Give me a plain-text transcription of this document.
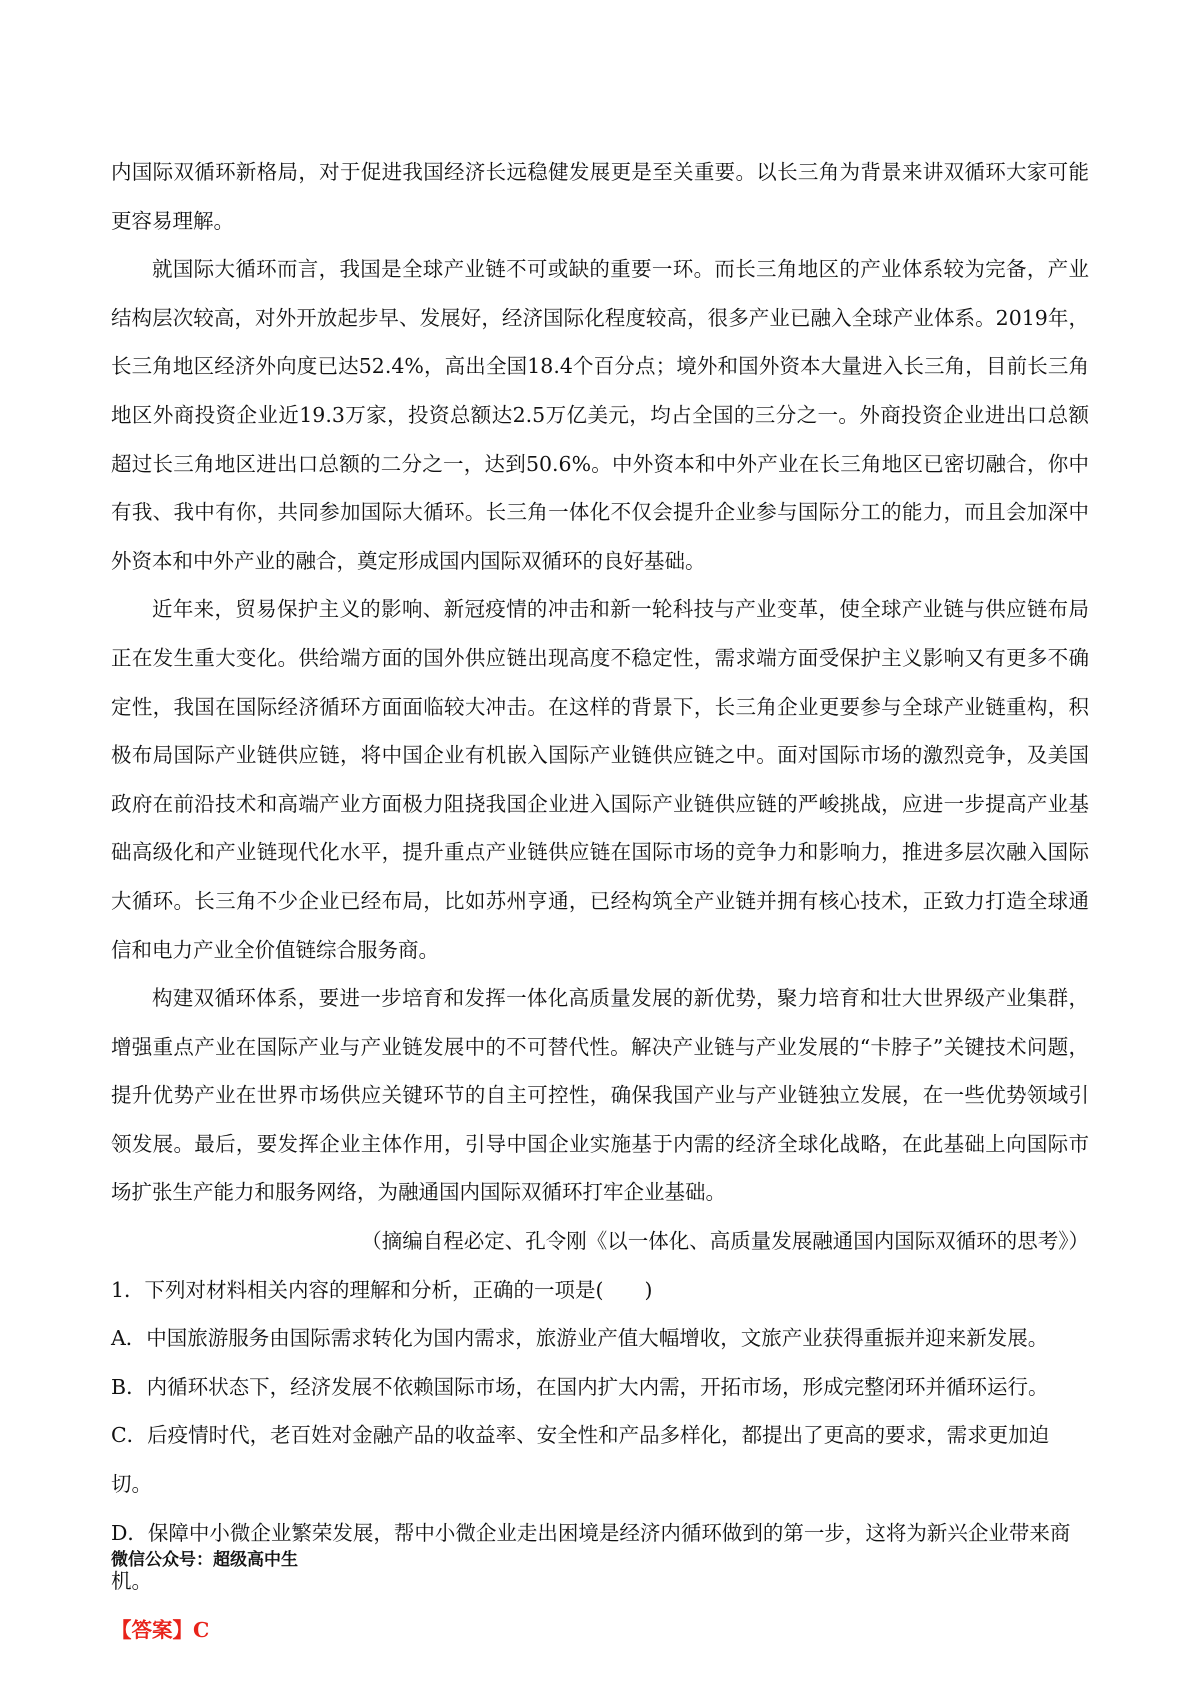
内国际双循环新格局，对于促进我国经济长远稳健发展更是至关重要。以长三角为背景来讲双循环大家可能更容易理解。

就国际大循环而言，我国是全球产业链不可或缺的重要一环。而长三角地区的产业体系较为完备，产业结构层次较高，对外开放起步早、发展好，经济国际化程度较高，很多产业已融入全球产业体系。2019年，长三角地区经济外向度已达52.4%，高出全国18.4个百分点；境外和国外资本大量进入长三角，目前长三角地区外商投资企业近19.3万家，投资总额达2.5万亿美元，均占全国的三分之一。外商投资企业进出口总额超过长三角地区进出口总额的二分之一，达到50.6%。中外资本和中外产业在长三角地区已密切融合，你中有我、我中有你，共同参加国际大循环。长三角一体化不仅会提升企业参与国际分工的能力，而且会加深中外资本和中外产业的融合，奠定形成国内国际双循环的良好基础。

近年来，贸易保护主义的影响、新冠疫情的冲击和新一轮科技与产业变革，使全球产业链与供应链布局正在发生重大变化。供给端方面的国外供应链出现高度不稳定性，需求端方面受保护主义影响又有更多不确定性，我国在国际经济循环方面面临较大冲击。在这样的背景下，长三角企业更要参与全球产业链重构，积极布局国际产业链供应链，将中国企业有机嵌入国际产业链供应链之中。面对国际市场的激烈竞争，及美国政府在前沿技术和高端产业方面极力阻挠我国企业进入国际产业链供应链的严峻挑战，应进一步提高产业基础高级化和产业链现代化水平，提升重点产业链供应链在国际市场的竞争力和影响力，推进多层次融入国际大循环。长三角不少企业已经布局，比如苏州亨通，已经构筑全产业链并拥有核心技术，正致力打造全球通信和电力产业全价值链综合服务商。

构建双循环体系，要进一步培育和发挥一体化高质量发展的新优势，聚力培育和壮大世界级产业集群，增强重点产业在国际产业与产业链发展中的不可替代性。解决产业链与产业发展的“卡脖子”关键技术问题，提升优势产业在世界市场供应关键环节的自主可控性，确保我国产业与产业链独立发展，在一些优势领域引领发展。最后，要发挥企业主体作用，引导中国企业实施基于内需的经济全球化战略，在此基础上向国际市场扩张生产能力和服务网络，为融通国内国际双循环打牢企业基础。

（摘编自程必定、孔令刚《以一体化、高质量发展融通国内国际双循环的思考》）

1．下列对材料相关内容的理解和分析，正确的一项是(　　)

A．中国旅游服务由国际需求转化为国内需求，旅游业产值大幅增收，文旅产业获得重振并迎来新发展。

B．内循环状态下，经济发展不依赖国际市场，在国内扩大内需，开拓市场，形成完整闭环并循环运行。

C．后疫情时代，老百姓对金融产品的收益率、安全性和产品多样化，都提出了更高的要求，需求更加迫切。

D．保障中小微企业繁荣发展，帮中小微企业走出困境是经济内循环做到的第一步，这将为新兴企业带来商机。

【答案】C

微信公众号：超级高中生
